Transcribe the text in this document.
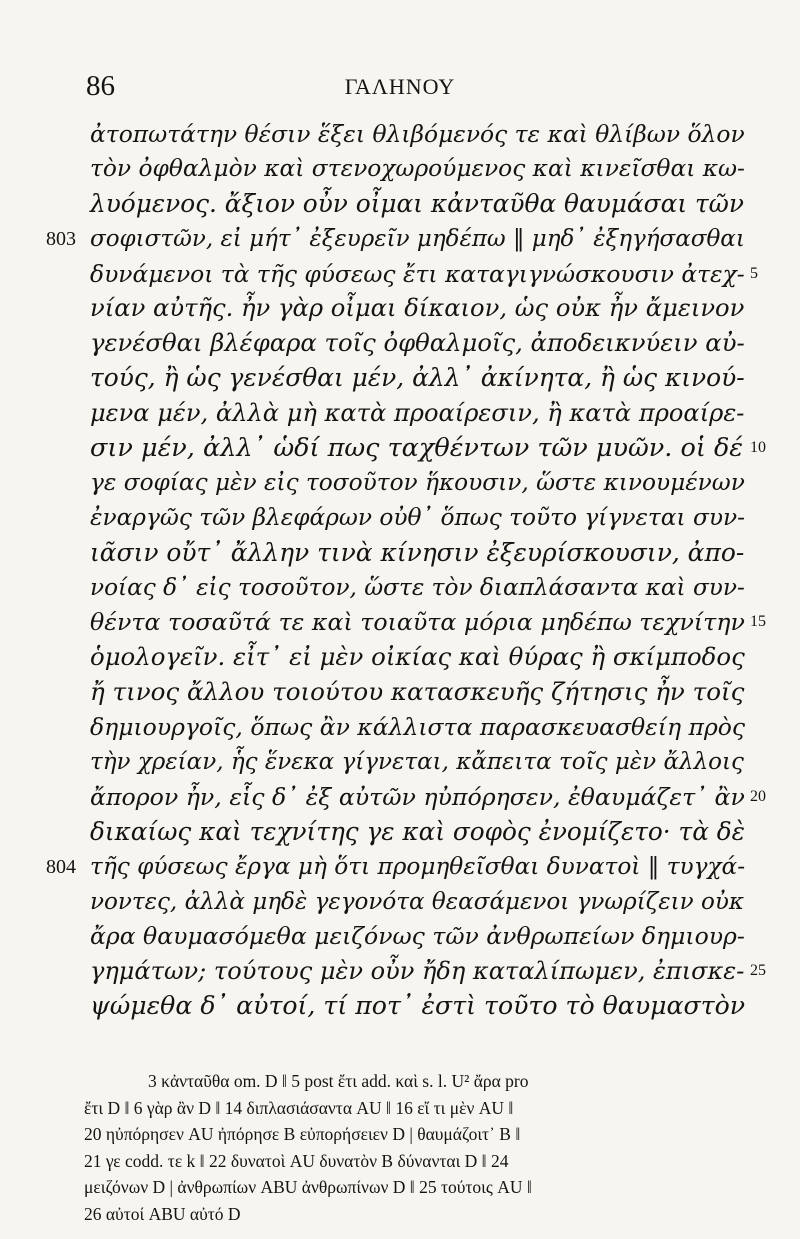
86	ΓΑΛΗΝΟΥ
ἀτοπωτάτην θέσιν ἕξει θλιβόμενός τε καὶ θλίβων ὅλον
τὸν ὀφθαλμὸν καὶ στενοχωρούμενος καὶ κινεῖσθαι κω-
λυόμενος. ἄξιον οὖν οἶμαι κἀνταῦθα θαυμάσαι τῶν
803 σοφιστῶν, εἰ μήτ᾽ ἐξευρεῖν μηδέπω ‖ μηδ᾽ ἐξηγήσασθαι
δυνάμενοι τὰ τῆς φύσεως ἔτι καταγιγνώσκουσιν ἀτεχ- 5
νίαν αὐτῆς. ἦν γὰρ οἶμαι δίκαιον, ὡς οὐκ ἦν ἄμεινον
γενέσθαι βλέφαρα τοῖς ὀφθαλμοῖς, ἀποδεικνύειν αὐ-
τούς, ἢ ὡς γενέσθαι μέν, ἀλλ᾽ ἀκίνητα, ἢ ὡς κινού-
μενα μέν, ἀλλὰ μὴ κατὰ προαίρεσιν, ἢ κατὰ προαίρε-
σιν μέν, ἀλλ᾽ ὡδί πως ταχθέντων τῶν μυῶν. οἱ δέ 10
γε σοφίας μὲν εἰς τοσοῦτον ἥκουσιν, ὥστε κινουμένων
ἐναργῶς τῶν βλεφάρων οὐθ᾽ ὅπως τοῦτο γίγνεται συν-
ιᾶσιν οὔτ᾽ ἄλλην τινὰ κίνησιν ἐξευρίσκουσιν, ἀπο-
νοίας δ᾽ εἰς τοσοῦτον, ὥστε τὸν διαπλάσαντα καὶ συν-
θέντα τοσαῦτά τε καὶ τοιαῦτα μόρια μηδέπω τεχνίτην 15
ὁμολογεῖν. εἶτ᾽ εἰ μὲν οἰκίας καὶ θύρας ἢ σκίμποδος
ἤ τινος ἄλλου τοιούτου κατασκευῆς ζήτησις ἦν τοῖς
δημιουργοῖς, ὅπως ἂν κάλλιστα παρασκευασθείη πρὸς
τὴν χρείαν, ἧς ἕνεκα γίγνεται, κἄπειτα τοῖς μὲν ἄλλοις
ἄπορον ἦν, εἷς δ᾽ ἐξ αὐτῶν ηὐπόρησεν, ἐθαυμάζετ᾽ ἂν 20
δικαίως καὶ τεχνίτης γε καὶ σοφὸς ἐνομίζετο· τὰ δὲ
804 τῆς φύσεως ἔργα μὴ ὅτι προμηθεῖσθαι δυνατοὶ ‖ τυγχά-
νοντες, ἀλλὰ μηδὲ γεγονότα θεασάμενοι γνωρίζειν οὐκ
ἄρα θαυμασόμεθα μειζόνως τῶν ἀνθρωπείων δημιουρ-
γημάτων; τούτους μὲν οὖν ἤδη καταλίπωμεν, ἐπισκε- 25
ψώμεθα δ᾽ αὐτοί, τί ποτ᾽ ἐστὶ τοῦτο τὸ θαυμαστὸν
3 κἀνταῦθα om. D ‖ 5 post ἔτι add. καὶ s. l. U² ἄρα pro
ἔτι D ‖ 6 γὰρ ἂν D ‖ 14 διπλασιάσαντα AU ‖ 16 εἴ τι μὲν AU ‖
20 ηὐπόρησεν AU ἠπόρησε B εὐπορήσειεν D | θαυμάζοιτ᾽ B ‖
21 γε codd. τε k ‖ 22 δυνατοὶ AU δυνατὸν B δύνανται D ‖ 24
μειζόνων D | ἀνθρωπίων ABU ἀνθρωπίνων D ‖ 25 τούτοις AU ‖
26 αὐτοί ABU αὐτό D
